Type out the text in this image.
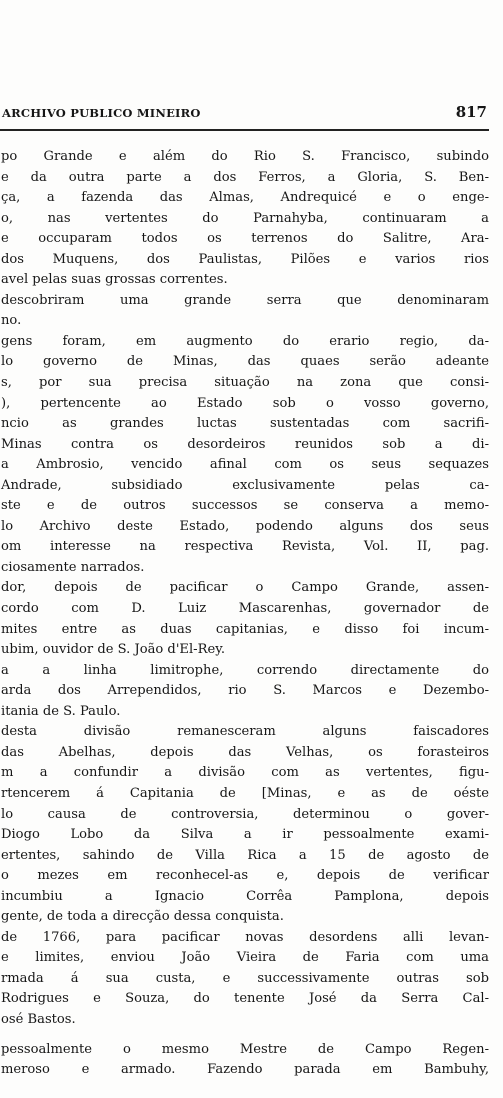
ARCHIVO PUBLICO MINEIRO	817
po Grande e além do Rio S. Francisco, subindo
e da outra parte a dos Ferros, a Gloria, S. Ben-
ça, a fazenda das Almas, Andrequicé e o enge-
o, nas vertentes do Parnahyba, continuaram a
e occuparam todos os terrenos do Salitre, Ara-
dos Muquens, dos Paulistas, Pilões e varios rios
avel pelas suas grossas correntes.
descobriram uma grande serra que denominaram
no.
gens foram, em augmento do erario regio, da-
lo governo de Minas, das quaes serão adeante
s, por sua precisa situação na zona que consi-
), pertencente ao Estado sob o vosso governo,
ncio as grandes luctas sustentadas com sacrifi-
Minas contra os desordeiros reunidos sob a di-
a Ambrosio, vencido afinal com os seus sequazes
Andrade, subsidiado exclusivamente pelas ca-
ste e de outros successos se conserva a memo-
lo Archivo deste Estado, podendo alguns dos seus
om interesse na respectiva Revista, Vol. II, pag.
ciosamente narrados.
dor, depois de pacificar o Campo Grande, assen-
cordo com D. Luiz Mascarenhas, governador de
mites entre as duas capitanias, e disso foi incum-
ubim, ouvidor de S. João d'El-Rey.
a a linha limitrophe, correndo directamente do
arda dos Arrependidos, rio S. Marcos e Dezembo-
itania de S. Paulo.
desta divisão remanesceram alguns faiscadores
das Abelhas, depois das Velhas, os forasteiros
m a confundir a divisão com as vertentes, figu-
rtencerem á Capitania de [Minas, e as de oéste
lo causa de controversia, determinou o gover-
Diogo Lobo da Silva a ir pessoalmente exami-
ertentes, sahindo de Villa Rica a 15 de agosto de
o mezes em reconhecel-as e, depois de verificar
incumbiu a Ignacio Corrêa Pamplona, depois
gente, de toda a direcção dessa conquista.
de 1766, para pacificar novas desordens alli levan-
e limites, enviou João Vieira de Faria com uma
rmada á sua custa, e successivamente outras sob
Rodrigues e Souza, do tenente José da Serra Cal-
osé Bastos.
pessoalmente o mesmo Mestre de Campo Regen-
meroso e armado. Fazendo parada em Bambuhy,
